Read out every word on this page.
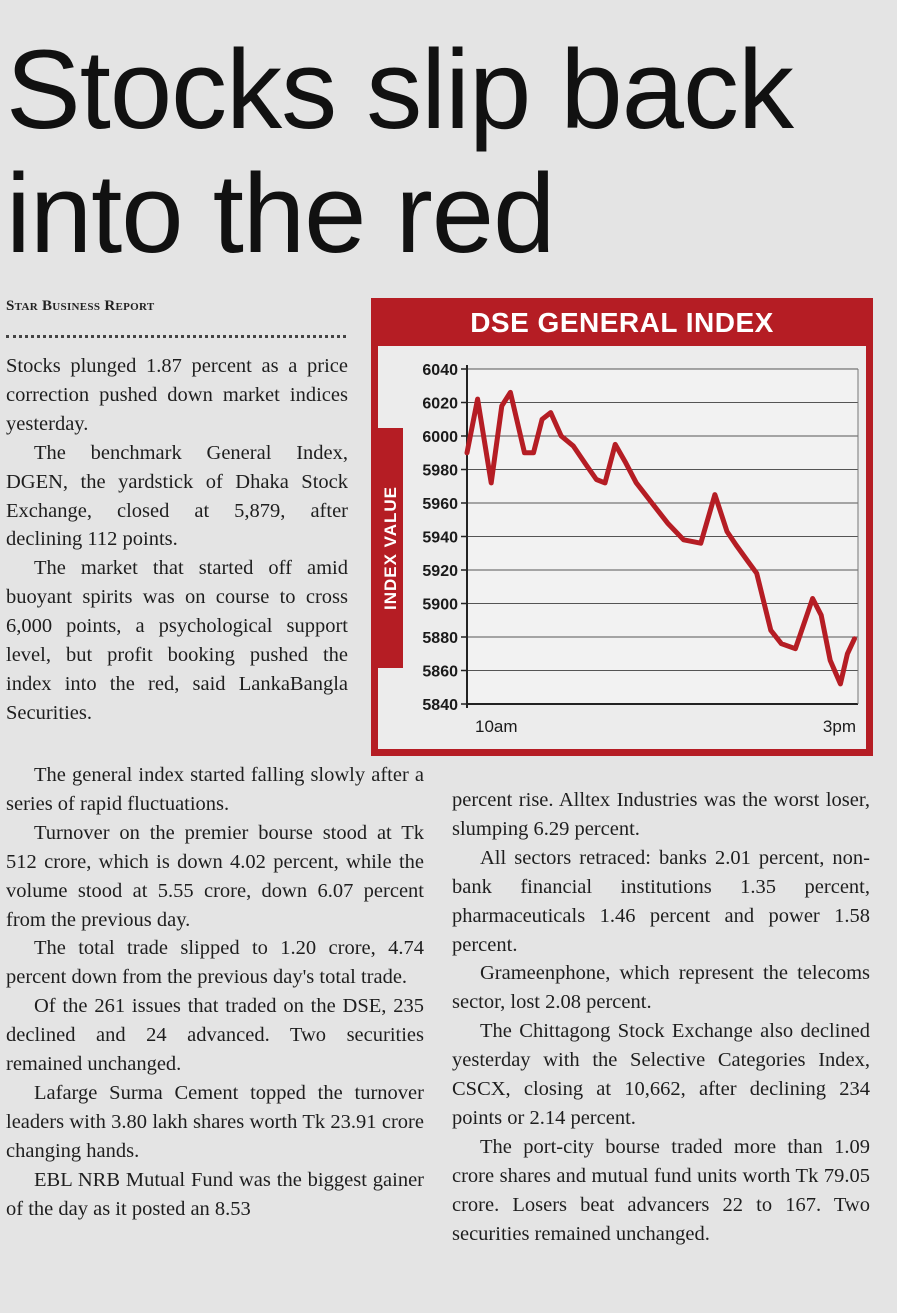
Stocks slip back
into the red
Star Business Report

Stocks plunged 1.87 percent as a price correction pushed down market indices yesterday.

The benchmark General Index, DGEN, the yardstick of Dhaka Stock Exchange, closed at 5,879, after declining 112 points.

The market that started off amid buoyant spirits was on course to cross 6,000 points, a psychological support level, but profit booking pushed the index into the red, said LankaBangla Securities.

The general index started falling slowly after a series of rapid fluctuations.

Turnover on the premier bourse stood at Tk 512 crore, which is down 4.02 percent, while the volume stood at 5.55 crore, down 6.07 percent from the previous day.

The total trade slipped to 1.20 crore, 4.74 percent down from the previous day's total trade.

Of the 261 issues that traded on the DSE, 235 declined and 24 advanced. Two securities remained unchanged.

Lafarge Surma Cement topped the turnover leaders with 3.80 lakh shares worth Tk 23.91 crore changing hands.

EBL NRB Mutual Fund was the biggest gainer of the day as it posted an 8.53

percent rise. Alltex Industries was the worst loser, slumping 6.29 percent.

All sectors retraced: banks 2.01 percent, non-bank financial institutions 1.35 percent, pharmaceuticals 1.46 percent and power 1.58 percent.

Grameenphone, which represent the telecoms sector, lost 2.08 percent.

The Chittagong Stock Exchange also declined yesterday with the Selective Categories Index, CSCX, closing at 10,662, after declining 234 points or 2.14 percent.

The port-city bourse traded more than 1.09 crore shares and mutual fund units worth Tk 79.05 crore. Losers beat advancers 22 to 167. Two securities remained unchanged.

DSE GENERAL INDEX
INDEX VALUE
5840
5860
5880
5900
5920
5940
5960
5980
6000
6020
6040
10am	3pm
